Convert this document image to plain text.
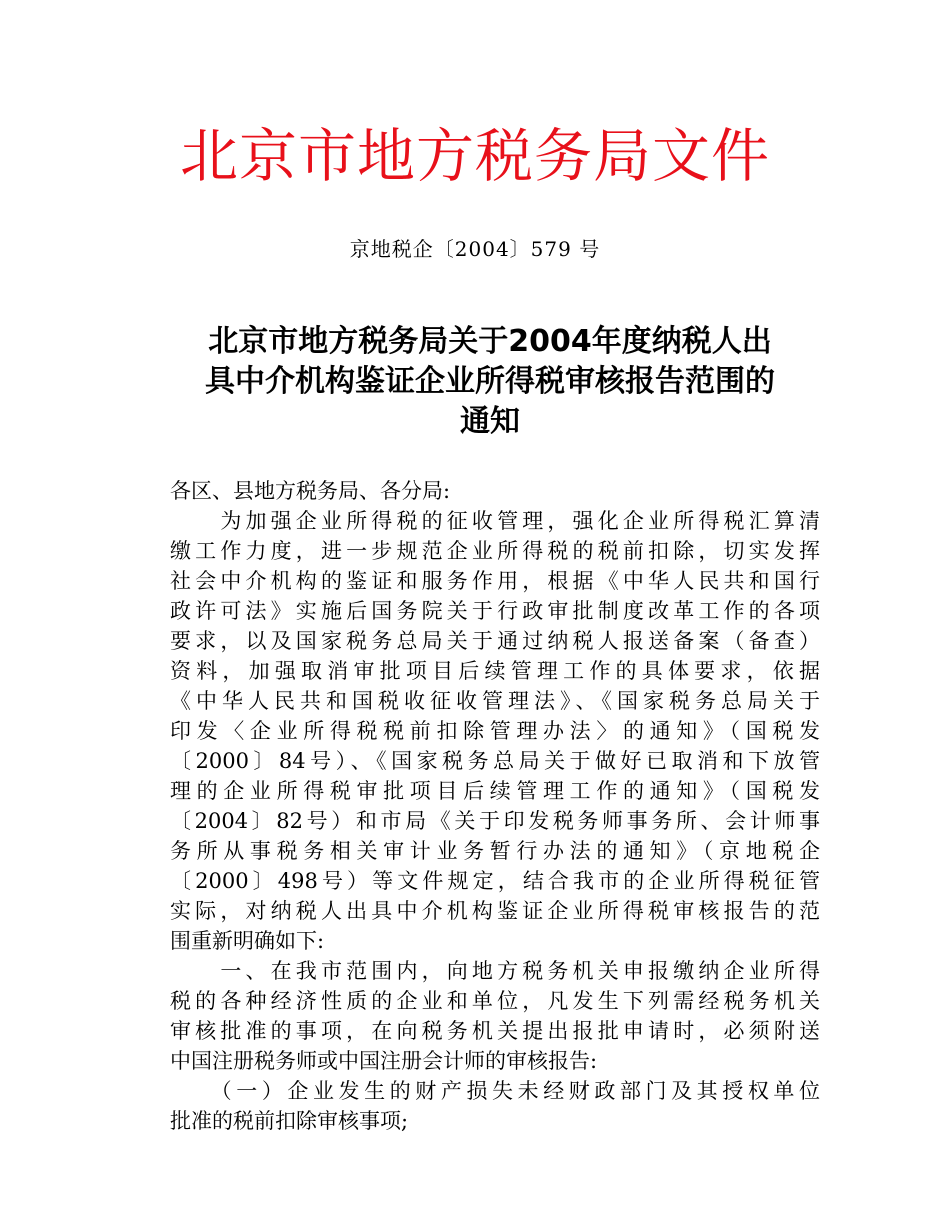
北京市地方税务局文件
京地税企〔2004〕579 号
北京市地方税务局关于2004年度纳税人出
具中介机构鉴证企业所得税审核报告范围的
通知
各区、县地方税务局、各分局:
　　为加强企业所得税的征收管理，强化企业所得税汇算清
缴工作力度，进一步规范企业所得税的税前扣除，切实发挥
社会中介机构的鉴证和服务作用，根据《中华人民共和国行
政许可法》实施后国务院关于行政审批制度改革工作的各项
要求，以及国家税务总局关于通过纳税人报送备案（备查）
资料，加强取消审批项目后续管理工作的具体要求，依据
《中华人民共和国税收征收管理法》、《国家税务总局关于
印发〈企业所得税税前扣除管理办法〉的通知》（国税发
〔2000〕84号）、《国家税务总局关于做好已取消和下放管
理的企业所得税审批项目后续管理工作的通知》（国税发
〔2004〕82号）和市局《关于印发税务师事务所、会计师事
务所从事税务相关审计业务暂行办法的通知》（京地税企
〔2000〕498号）等文件规定，结合我市的企业所得税征管
实际，对纳税人出具中介机构鉴证企业所得税审核报告的范
围重新明确如下:
　　一、在我市范围内，向地方税务机关申报缴纳企业所得
税的各种经济性质的企业和单位，凡发生下列需经税务机关
审核批准的事项，在向税务机关提出报批申请时，必须附送
中国注册税务师或中国注册会计师的审核报告:
　　（一）企业发生的财产损失未经财政部门及其授权单位
批准的税前扣除审核事项;
